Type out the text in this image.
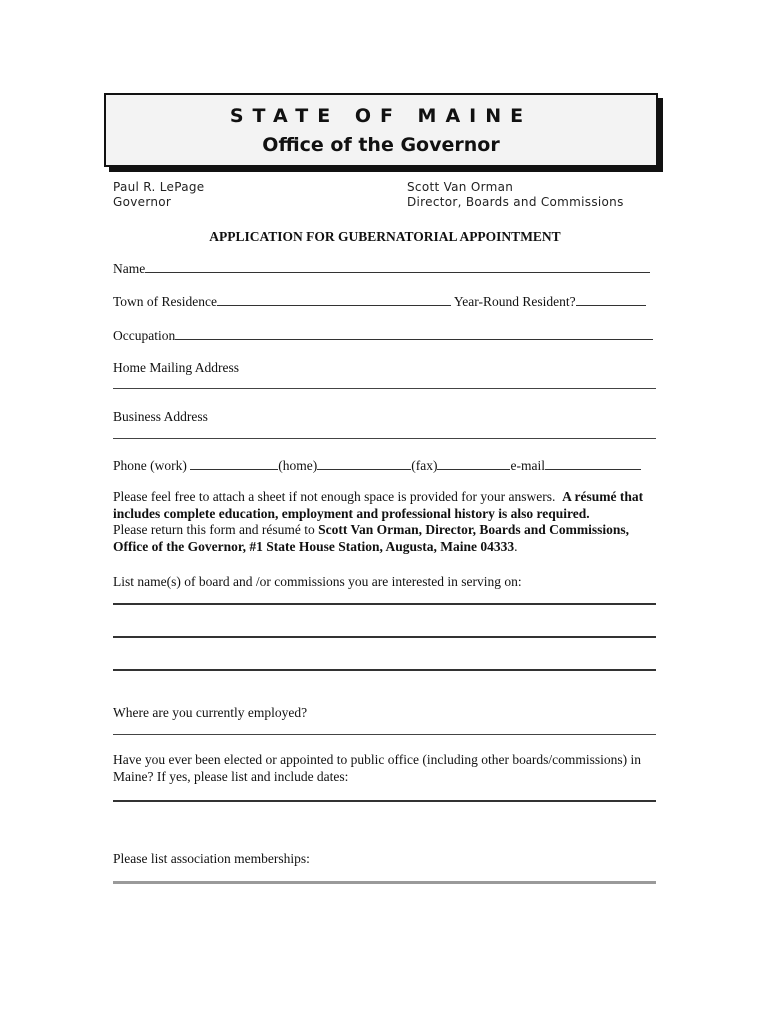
STATE OF MAINE
Office of the Governor
Paul R. LePage
Governor
Scott Van Orman
Director, Boards and Commissions
APPLICATION FOR GUBERNATORIAL APPOINTMENT
Name
Town of Residence	Year-Round Resident?
Occupation
Home Mailing Address
Business Address
Phone (work)	(home)	(fax)	e-mail
Please feel free to attach a sheet if not enough space is provided for your answers. A résumé that includes complete education, employment and professional history is also required.
Please return this form and résumé to Scott Van Orman, Director, Boards and Commissions, Office of the Governor, #1 State House Station, Augusta, Maine 04333.
List name(s) of board and /or commissions you are interested in serving on:
Where are you currently employed?
Have you ever been elected or appointed to public office (including other boards/commissions) in Maine? If yes, please list and include dates:
Please list association memberships:
